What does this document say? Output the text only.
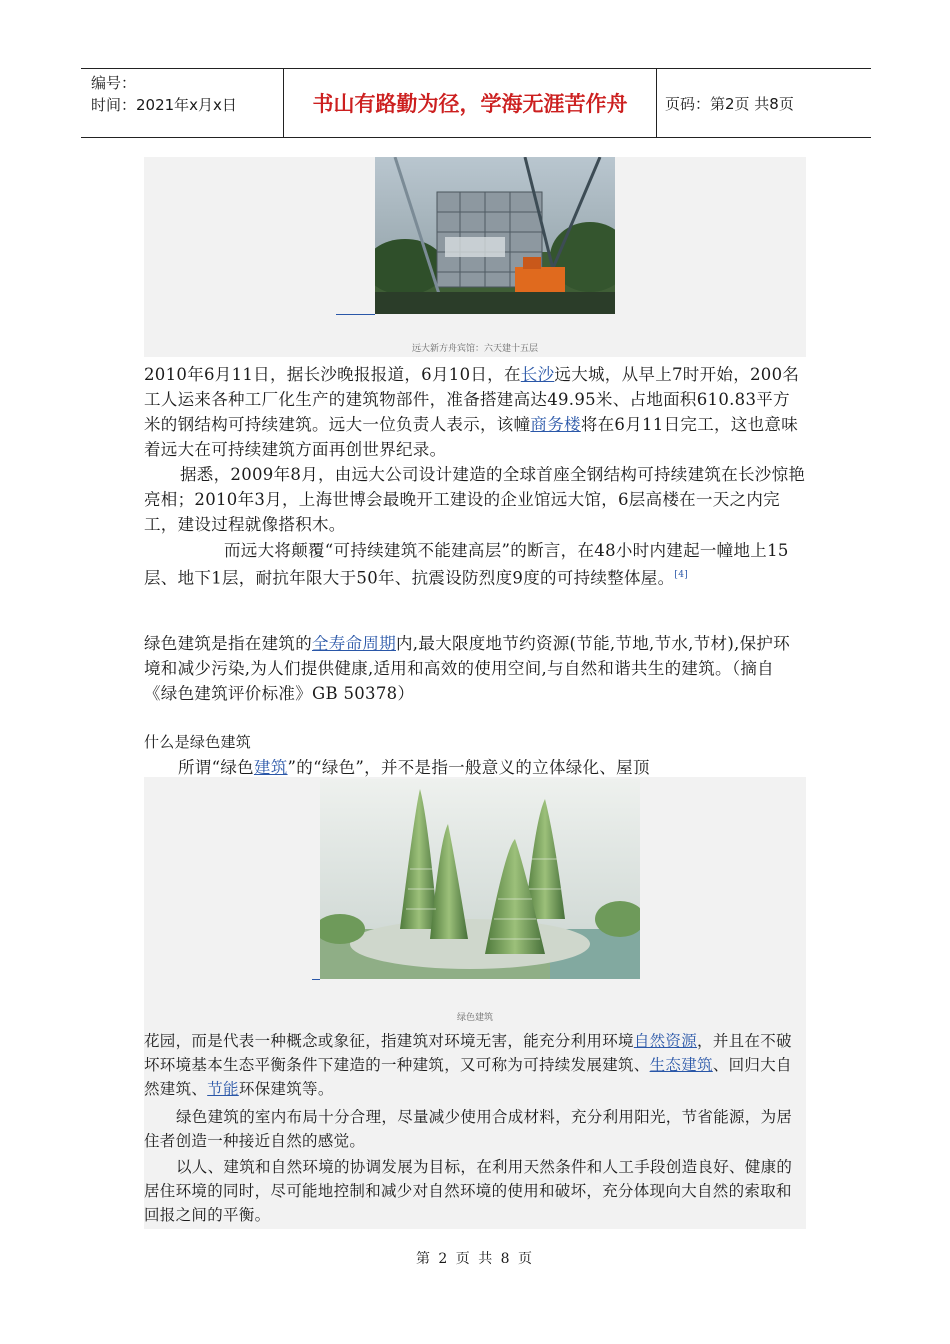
编号：
时间：2021年x月x日	书山有路勤为径，学海无涯苦作舟	页码：第2页 共8页
远大新方舟宾馆：六天建十五层
2010年6月11日，据长沙晚报报道，6月10日，在长沙远大城，从早上7时开始，200名工人运来各种工厂化生产的建筑物部件，准备搭建高达49.95米、占地面积610.83平方米的钢结构可持续建筑。远大一位负责人表示，该幢商务楼将在6月11日完工，这也意味着远大在可持续建筑方面再创世界纪录。
据悉，2009年8月，由远大公司设计建造的全球首座全钢结构可持续建筑在长沙惊艳亮相；2010年3月，上海世博会最晚开工建设的企业馆远大馆，6层高楼在一天之内完工，建设过程就像搭积木。
而远大将颠覆“可持续建筑不能建高层”的断言，在48小时内建起一幢地上15层、地下1层，耐抗年限大于50年、抗震设防烈度9度的可持续整体屋。[4]
绿色建筑是指在建筑的全寿命周期内,最大限度地节约资源(节能,节地,节水,节材),保护环境和减少污染,为人们提供健康,适用和高效的使用空间,与自然和谐共生的建筑。（摘自《绿色建筑评价标准》GB 50378）
什么是绿色建筑
所谓“绿色建筑”的“绿色”，并不是指一般意义的立体绿化、屋顶
绿色建筑
花园，而是代表一种概念或象征，指建筑对环境无害，能充分利用环境自然资源，并且在不破坏环境基本生态平衡条件下建造的一种建筑，又可称为可持续发展建筑、生态建筑、回归大自然建筑、节能环保建筑等。
绿色建筑的室内布局十分合理，尽量减少使用合成材料，充分利用阳光，节省能源，为居住者创造一种接近自然的感觉。
以人、建筑和自然环境的协调发展为目标，在利用天然条件和人工手段创造良好、健康的居住环境的同时，尽可能地控制和减少对自然环境的使用和破坏，充分体现向大自然的索取和回报之间的平衡。
第 2 页 共 8 页
